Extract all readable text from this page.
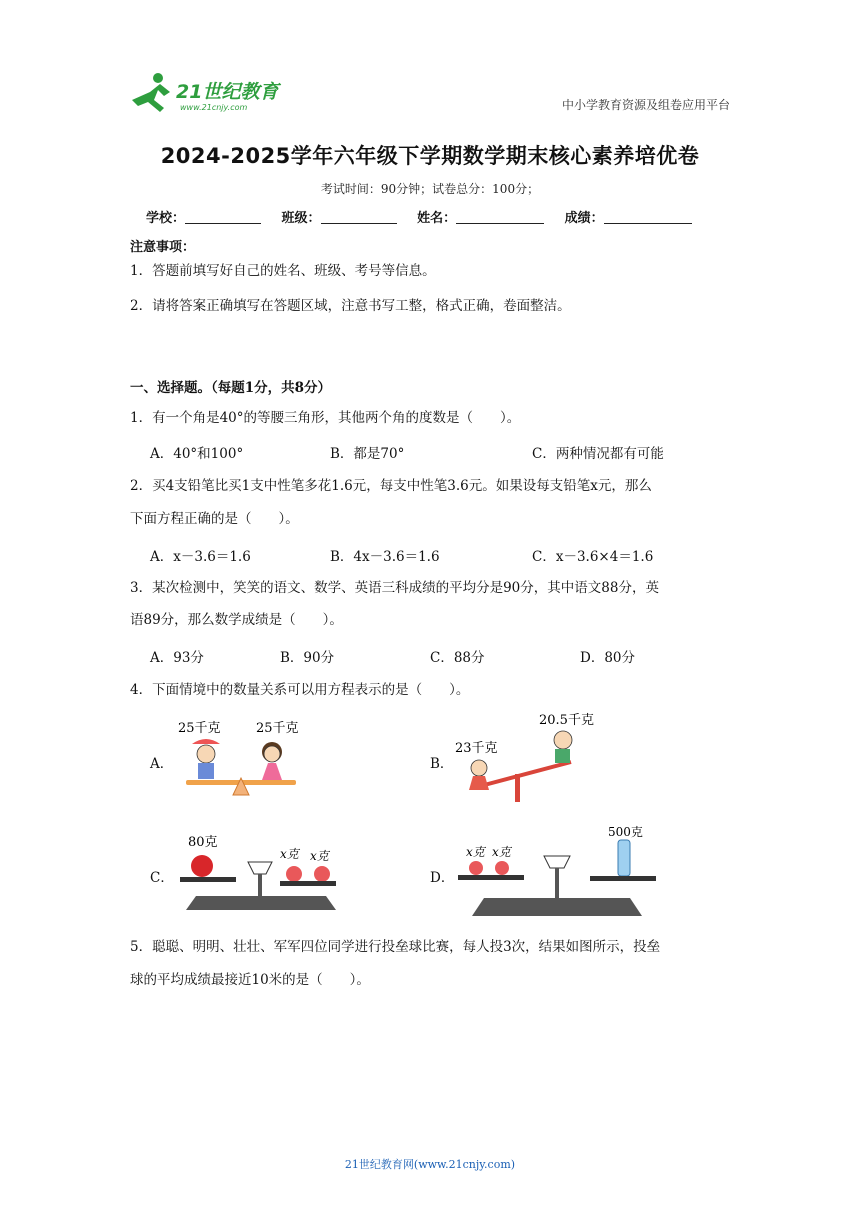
21世纪教育
www.21cnjy.com	中小学教育资源及组卷应用平台
2024-2025学年六年级下学期数学期末核心素养培优卷
考试时间：90分钟；试卷总分：100分；
学校：	班级：	姓名：	成绩：
注意事项：
1．答题前填写好自己的姓名、班级、考号等信息。
2．请将答案正确填写在答题区域，注意书写工整，格式正确，卷面整洁。
一、选择题。（每题1分，共8分）
1．有一个角是40°的等腰三角形，其他两个角的度数是（　　）。
A．40°和100°	B．都是70°	C．两种情况都有可能
2．买4支铅笔比买1支中性笔多花1.6元，每支中性笔3.6元。如果设每支铅笔x元，那么
下面方程正确的是（　　）。
A．x－3.6＝1.6	B．4x－3.6＝1.6	C．x－3.6×4＝1.6
3．某次检测中，笑笑的语文、数学、英语三科成绩的平均分是90分，其中语文88分，英
语89分，那么数学成绩是（　　）。
A．93分	B．90分	C．88分	D．80分
4．下面情境中的数量关系可以用方程表示的是（　　）。
A．
25千克	25千克
B．
20.5千克
23千克
C．
80克
x克 x克
D．
500克
x克 x克
5．聪聪、明明、壮壮、军军四位同学进行投垒球比赛，每人投3次，结果如图所示，投垒
球的平均成绩最接近10米的是（　　）。
21世纪教育网(www.21cnjy.com)
